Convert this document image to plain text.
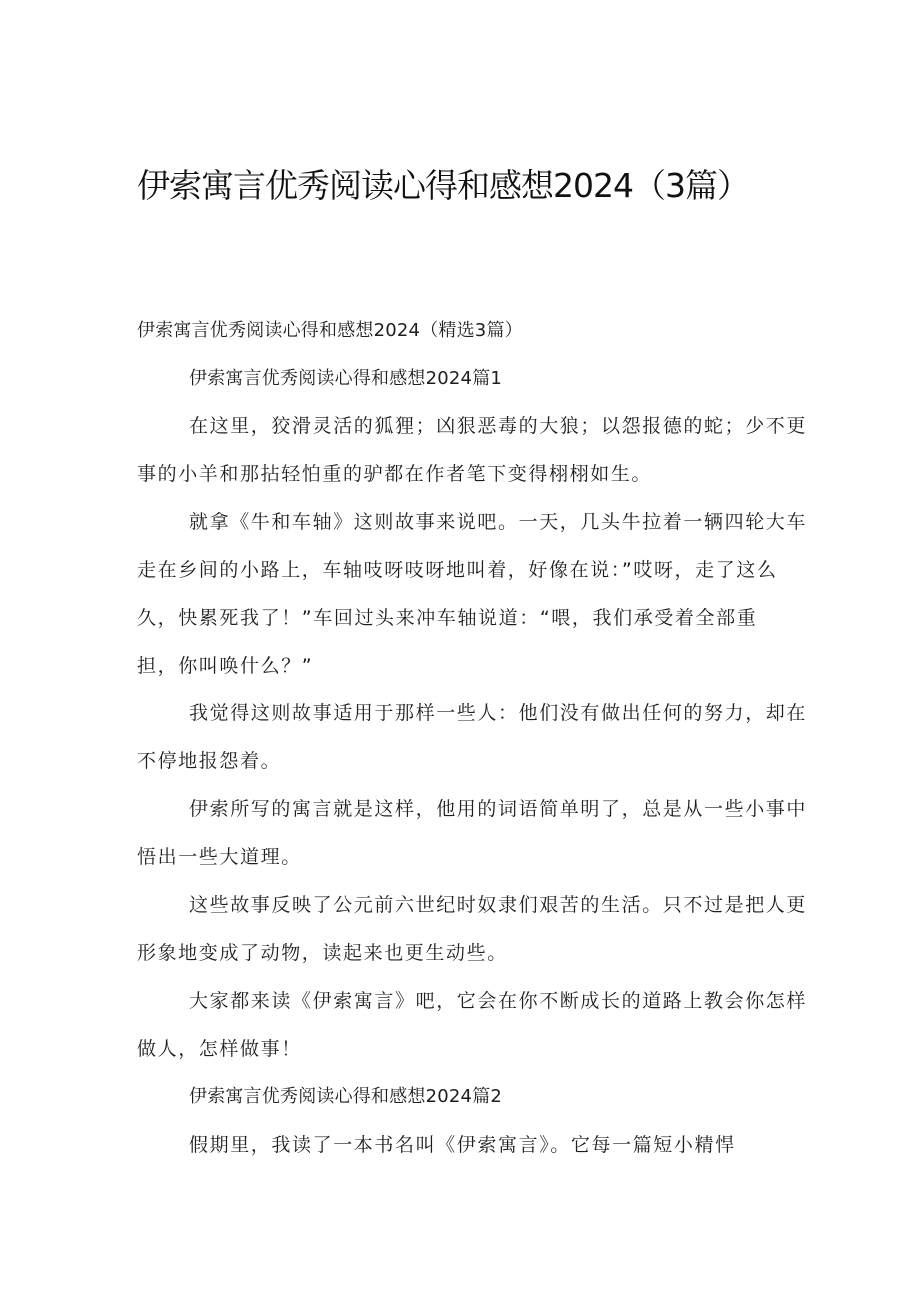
伊索寓言优秀阅读心得和感想2024（3篇）

伊索寓言优秀阅读心得和感想2024（精选3篇）

伊索寓言优秀阅读心得和感想2024篇1

在这里，狡滑灵活的狐狸；凶狠恶毒的大狼；以怨报德的蛇；少不更

事的小羊和那拈轻怕重的驴都在作者笔下变得栩栩如生。

就拿《牛和车轴》这则故事来说吧。一天，几头牛拉着一辆四轮大车

走在乡间的小路上，车轴吱呀吱呀地叫着，好像在说：”哎呀，走了这么

久，快累死我了！”车回过头来冲车轴说道：“喂，我们承受着全部重

担，你叫唤什么？”

我觉得这则故事适用于那样一些人：他们没有做出任何的努力，却在

不停地报怨着。

伊索所写的寓言就是这样，他用的词语简单明了，总是从一些小事中

悟出一些大道理。

这些故事反映了公元前六世纪时奴隶们艰苦的生活。只不过是把人更

形象地变成了动物，读起来也更生动些。

大家都来读《伊索寓言》吧，它会在你不断成长的道路上教会你怎样

做人，怎样做事！

伊索寓言优秀阅读心得和感想2024篇2

假期里，我读了一本书名叫《伊索寓言》。它每一篇短小精悍
